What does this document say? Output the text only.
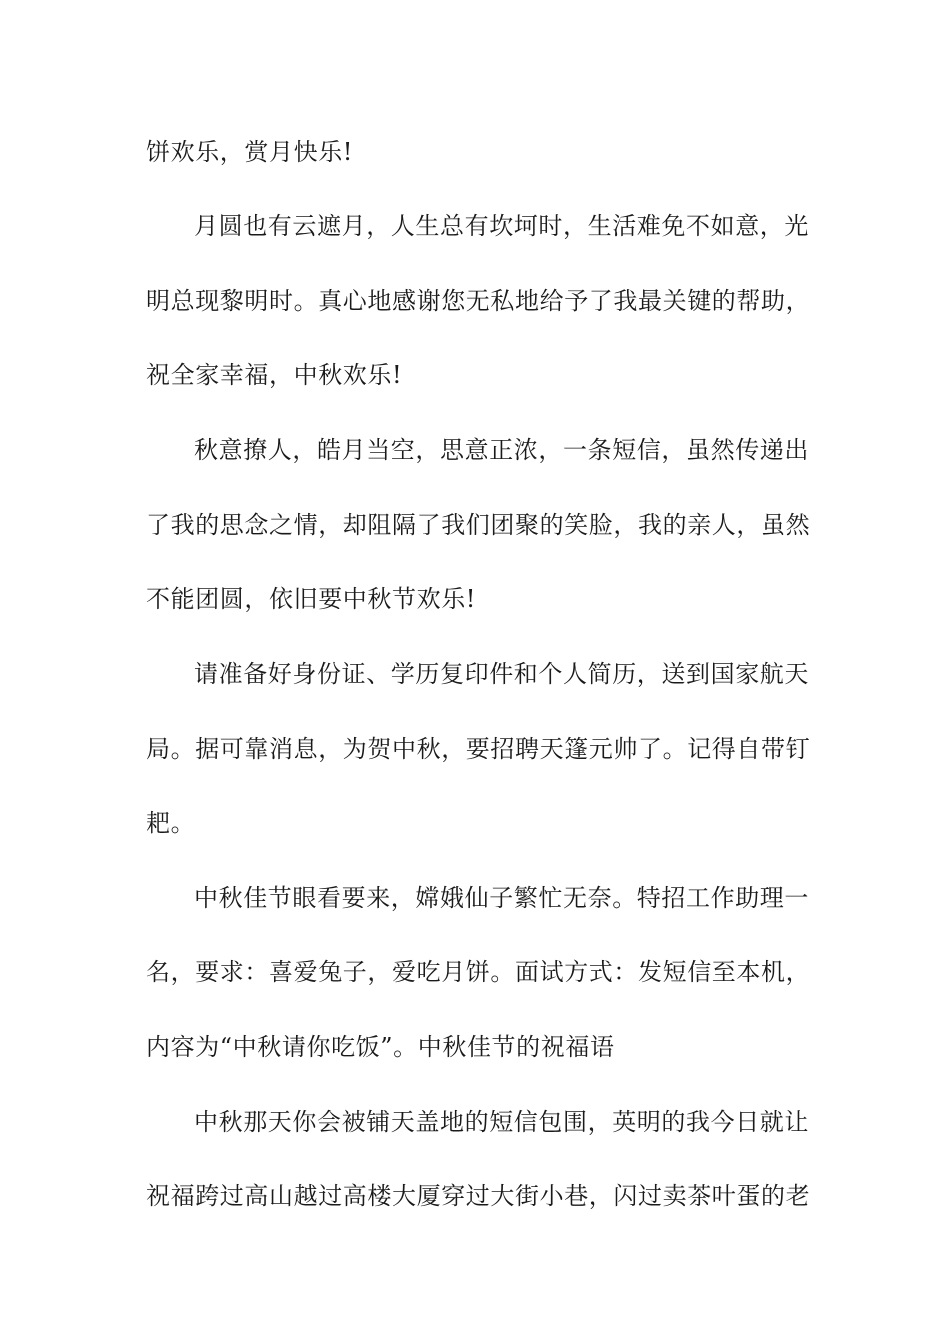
饼欢乐，赏月快乐!
月圆也有云遮月，人生总有坎坷时，生活难免不如意，光
明总现黎明时。真心地感谢您无私地给予了我最关键的帮助，
祝全家幸福，中秋欢乐!
秋意撩人，皓月当空，思意正浓，一条短信，虽然传递出
了我的思念之情，却阻隔了我们团聚的笑脸，我的亲人，虽然
不能团圆，依旧要中秋节欢乐!
请准备好身份证、学历复印件和个人简历，送到国家航天
局。据可靠消息，为贺中秋，要招聘天篷元帅了。记得自带钉
耙。
中秋佳节眼看要来，嫦娥仙子繁忙无奈。特招工作助理一
名，要求：喜爱兔子，爱吃月饼。面试方式：发短信至本机，
内容为“中秋请你吃饭”。中秋佳节的祝福语
中秋那天你会被铺天盖地的短信包围，英明的我今日就让
祝福跨过高山越过高楼大厦穿过大街小巷，闪过卖茶叶蛋的老
